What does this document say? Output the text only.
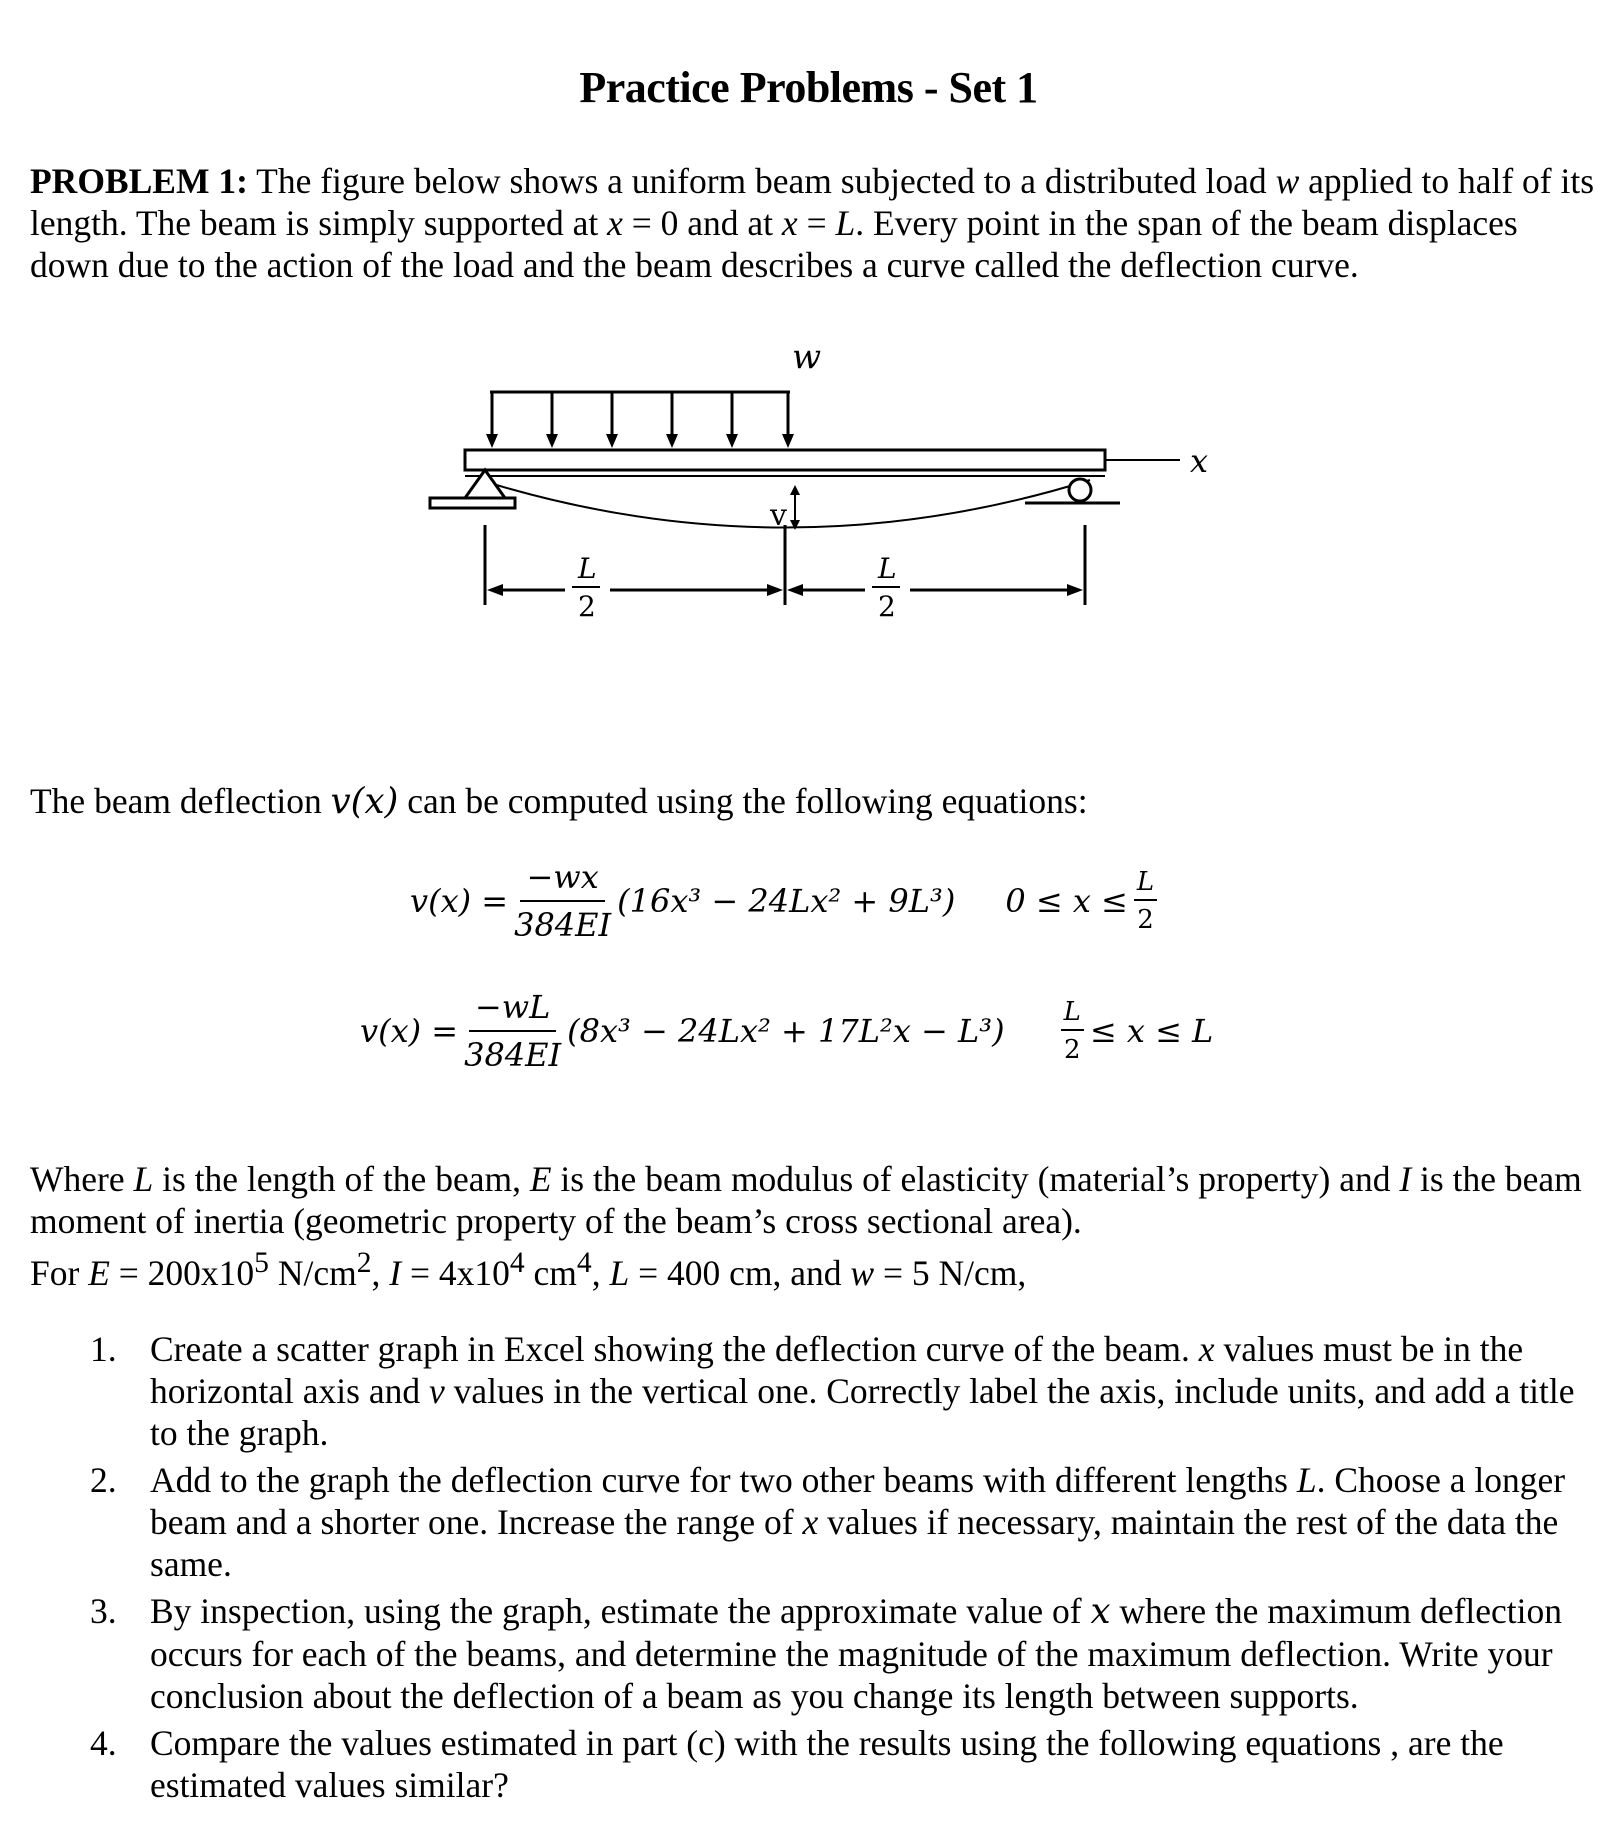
Practice Problems - Set 1

PROBLEM 1: The figure below shows a uniform beam subjected to a distributed load w applied to half of its length. The beam is simply supported at x = 0 and at x = L. Every point in the span of the beam displaces down due to the action of the load and the beam describes a curve called the deflection curve.

w
x
v
L
2
L
2

The beam deflection v(x) can be computed using the following equations:

$v(x) = \frac{-wx}{384EI} (16x^3 - 24Lx^2 + 9L^3) 0 \le x \le \frac{L}{2}$
$v(x) = \frac{-wL}{384EI} (8x^3 - 24Lx^2 + 17L^2x - L^3) \frac{L}{2} \le x \le L$

Where L is the length of the beam, E is the beam modulus of elasticity (material’s property) and I is the beam moment of inertia (geometric property of the beam’s cross sectional area).
For $E = 200x10^5$ $N/cm^2$, $I = 4x10^4$ $cm^4$, L = 400 cm, and w = 5 N/cm,

1. Create a scatter graph in Excel showing the deflection curve of the beam. x values must be in the horizontal axis and v values in the vertical one. Correctly label the axis, include units, and add a title to the graph.
2. Add to the graph the deflection curve for two other beams with different lengths L. Choose a longer beam and a shorter one. Increase the range of x values if necessary, maintain the rest of the data the same.
3. By inspection, using the graph, estimate the approximate value of x where the maximum deflection occurs for each of the beams, and determine the magnitude of the maximum deflection. Write your conclusion about the deflection of a beam as you change its length between supports.
4. Compare the values estimated in part (c) with the results using the following equations , are the estimated values similar?
